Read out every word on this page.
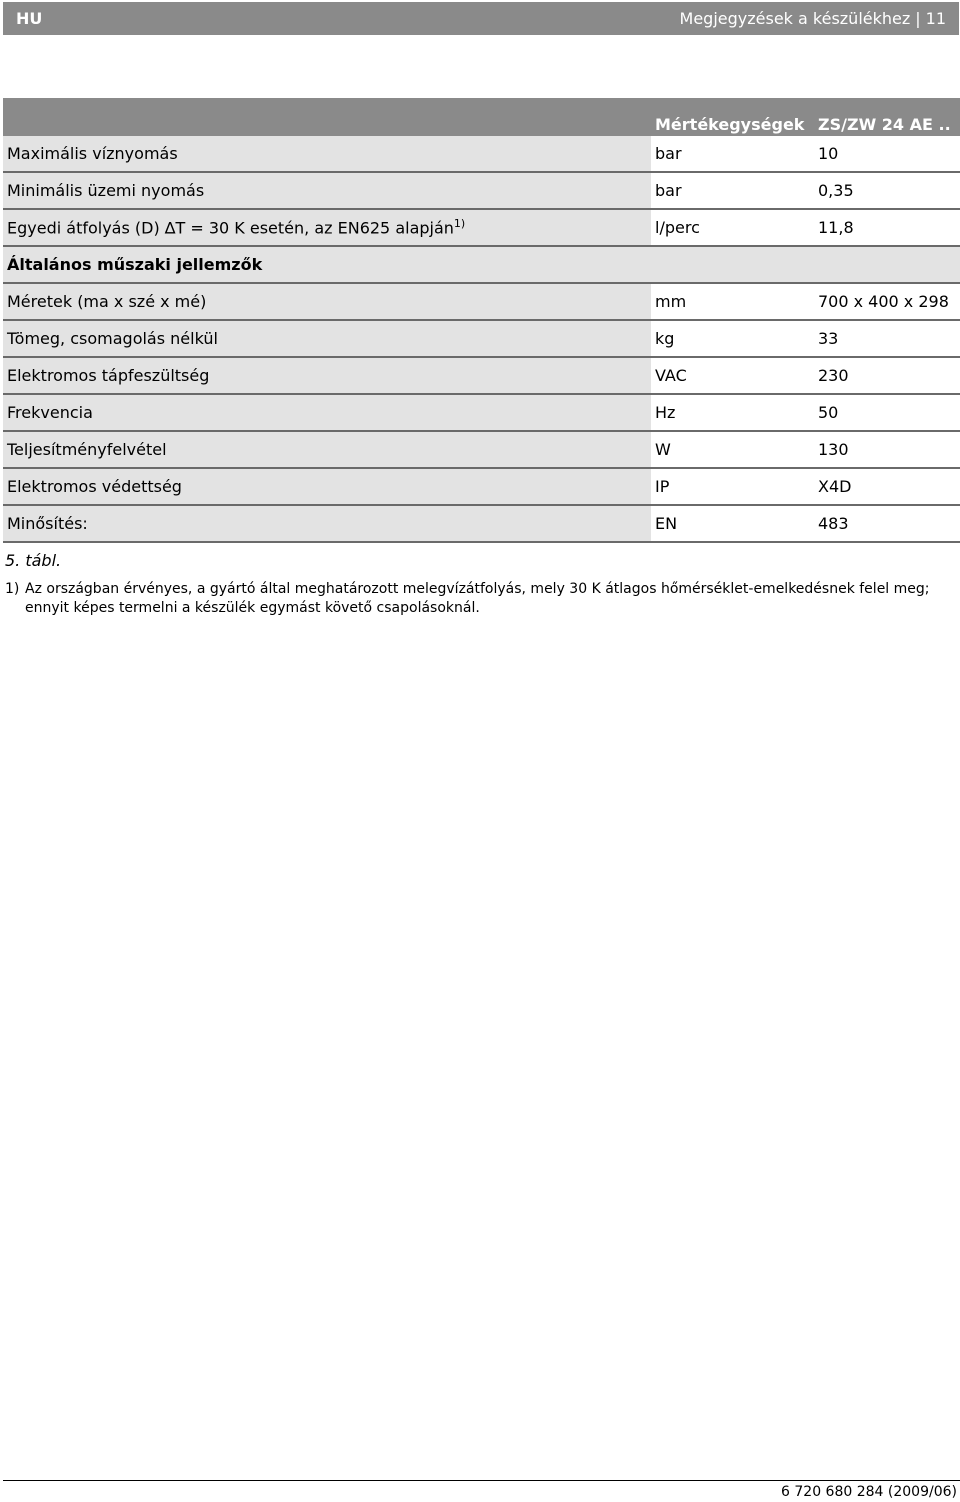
HU	Megjegyzések a készülékhez | 11
	Mértékegységek	ZS/ZW 24 AE ..
Maximális víznyomás	bar	10
Minimális üzemi nyomás	bar	0,35
Egyedi átfolyás (D) ∆T = 30 K esetén, az EN625 alapján$^{1)}$	l/perc	11,8
Általános műszaki jellemzők		
Méretek (ma x szé x mé)	mm	700 x 400 x 298
Tömeg, csomagolás nélkül	kg	33
Elektromos tápfeszültség	VAC	230
Frekvencia	Hz	50
Teljesítményfelvétel	W	130
Elektromos védettség	IP	X4D
Minősítés:	EN	483
5. tábl.
1) Az országban érvényes, a gyártó által meghatározott melegvízátfolyás, mely 30 K átlagos hőmérséklet-emelkedésnek felel meg; ennyit képes termelni a készülék egymást követő csapolásoknál.
6 720 680 284 (2009/06)
